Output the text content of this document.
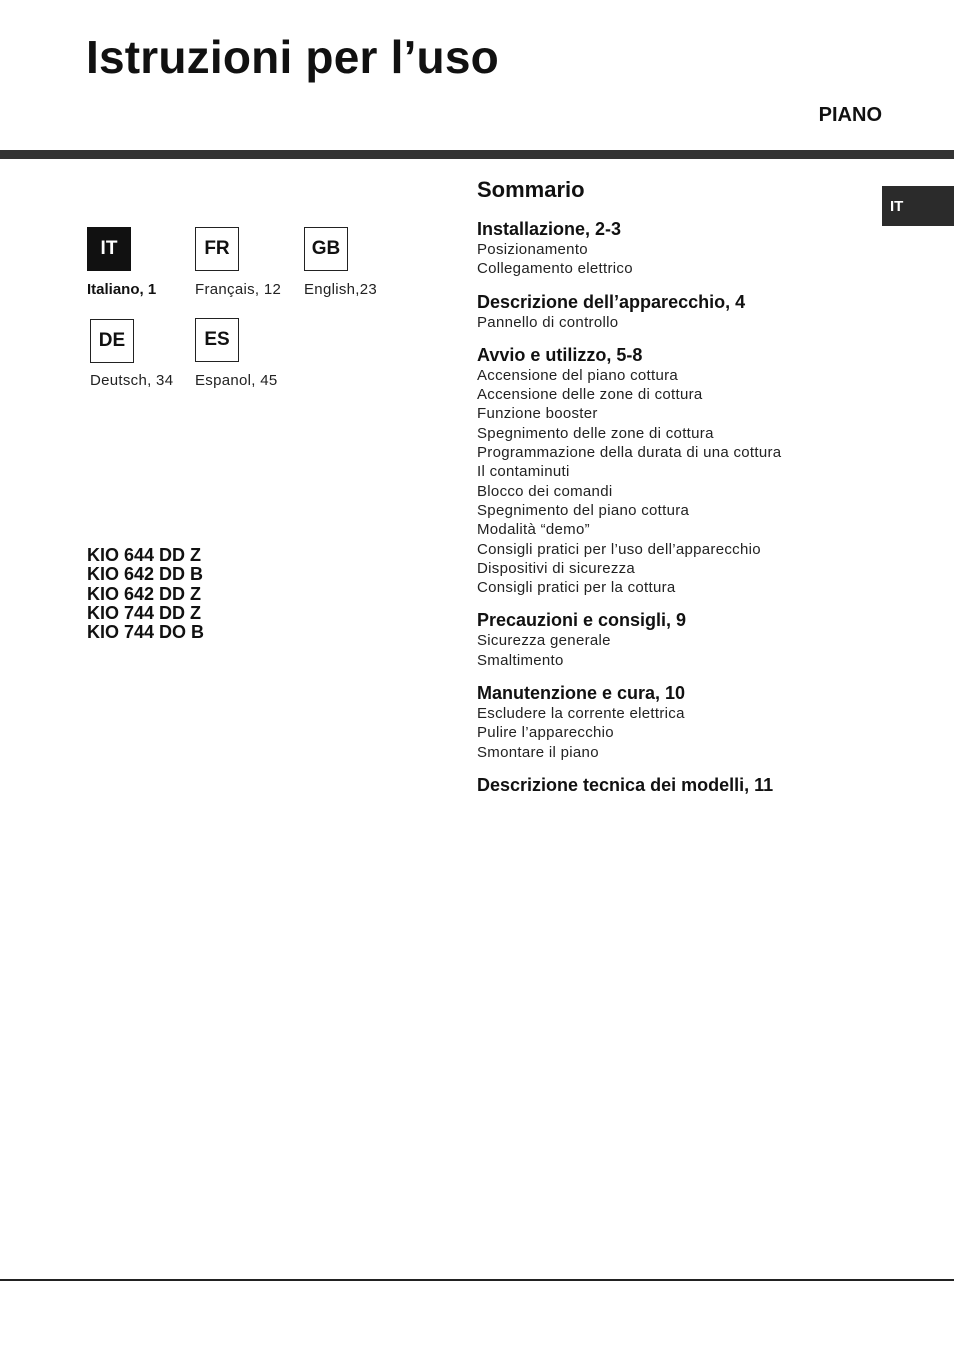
Istruzioni per l’uso
PIANO
IT
IT
Italiano, 1
FR
Français, 12
GB
English,23
DE
Deutsch, 34
ES
Espanol, 45
KIO 644 DD Z
KIO 642 DD B
KIO 642 DD Z
KIO 744 DD Z
KIO 744 DO B
Sommario
Installazione, 2-3
Posizionamento
Collegamento elettrico
Descrizione dell’apparecchio, 4
Pannello di controllo
Avvio e utilizzo, 5-8
Accensione del piano cottura
Accensione delle zone di cottura
Funzione booster
Spegnimento delle zone di cottura
Programmazione della durata di una cottura
Il contaminuti
Blocco dei comandi
Spegnimento del piano cottura
Modalità “demo”
Consigli pratici per l’uso dell’apparecchio
Dispositivi di sicurezza
Consigli pratici per la cottura
Precauzioni e consigli, 9
Sicurezza generale
Smaltimento
Manutenzione e cura, 10
Escludere la corrente elettrica
Pulire l’apparecchio
Smontare il piano
Descrizione tecnica dei modelli, 11
